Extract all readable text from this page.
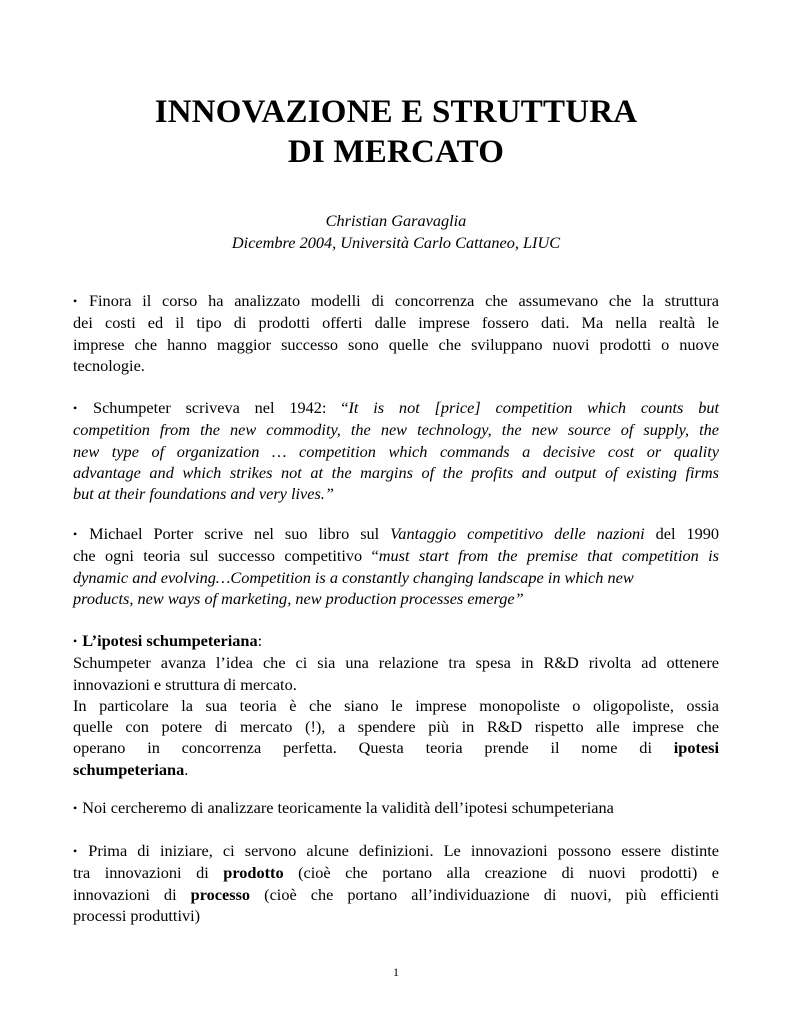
INNOVAZIONE E STRUTTURA
DI MERCATO
Christian Garavaglia
Dicembre 2004, Università Carlo Cattaneo, LIUC
• Finora il corso ha analizzato modelli di concorrenza che assumevano che la struttura
dei costi ed il tipo di prodotti offerti dalle imprese fossero dati. Ma nella realtà le
imprese che hanno maggior successo sono quelle che sviluppano nuovi prodotti o nuove
tecnologie.
• Schumpeter scriveva nel 1942: “It is not [price] competition which counts but
competition from the new commodity, the new technology, the new source of supply, the
new type of organization … competition which commands a decisive cost or quality
advantage and which strikes not at the margins of the profits and output of existing firms
but at their foundations and very lives.”
• Michael Porter scrive nel suo libro sul Vantaggio competitivo delle nazioni del 1990
che ogni teoria sul successo competitivo “must start from the premise that competition is
dynamic and evolving…Competition is a constantly changing landscape in which new
products, new ways of marketing, new production processes emerge”
• L’ipotesi schumpeteriana:
Schumpeter avanza l’idea che ci sia una relazione tra spesa in R&D rivolta ad ottenere
innovazioni e struttura di mercato.
In particolare la sua teoria è che siano le imprese monopoliste o oligopoliste, ossia
quelle con potere di mercato (!), a spendere più in R&D rispetto alle imprese che
operano in concorrenza perfetta. Questa teoria prende il nome di ipotesi
schumpeteriana.
• Noi cercheremo di analizzare teoricamente la validità dell’ipotesi schumpeteriana
• Prima di iniziare, ci servono alcune definizioni. Le innovazioni possono essere distinte
tra innovazioni di prodotto (cioè che portano alla creazione di nuovi prodotti) e
innovazioni di processo (cioè che portano all’individuazione di nuovi, più efficienti
processi produttivi)
1
